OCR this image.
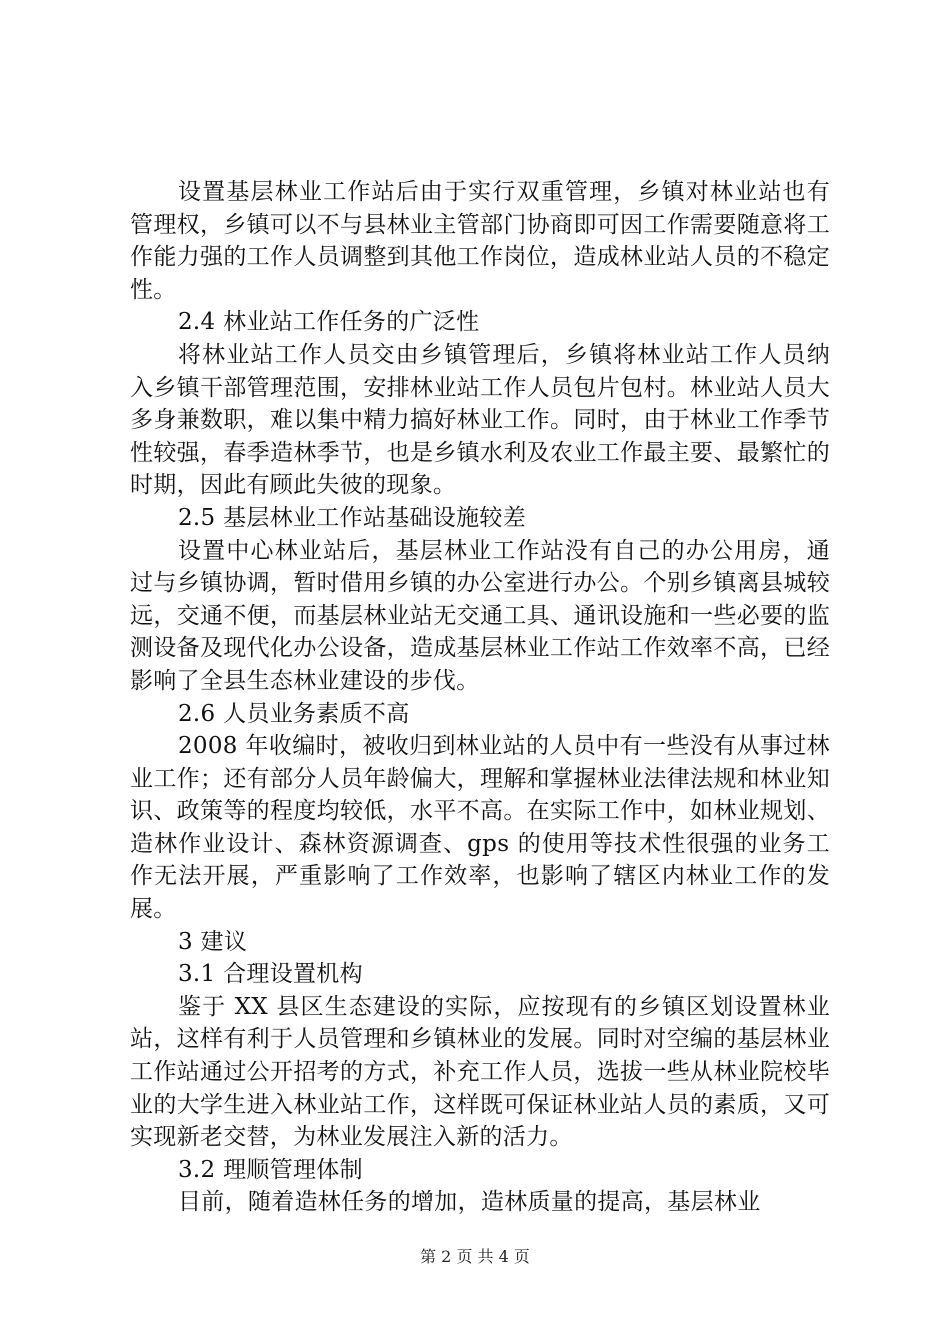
设置基层林业工作站后由于实行双重管理，乡镇对林业站也有管理权，乡镇可以不与县林业主管部门协商即可因工作需要随意将工作能力强的工作人员调整到其他工作岗位，造成林业站人员的不稳定性。

2.4 林业站工作任务的广泛性

将林业站工作人员交由乡镇管理后，乡镇将林业站工作人员纳入乡镇干部管理范围，安排林业站工作人员包片包村。林业站人员大多身兼数职，难以集中精力搞好林业工作。同时，由于林业工作季节性较强，春季造林季节，也是乡镇水利及农业工作最主要、最繁忙的时期，因此有顾此失彼的现象。

2.5 基层林业工作站基础设施较差

设置中心林业站后，基层林业工作站没有自己的办公用房，通过与乡镇协调，暂时借用乡镇的办公室进行办公。个别乡镇离县城较远，交通不便，而基层林业站无交通工具、通讯设施和一些必要的监测设备及现代化办公设备，造成基层林业工作站工作效率不高，已经影响了全县生态林业建设的步伐。

2.6 人员业务素质不高

2008 年收编时，被收归到林业站的人员中有一些没有从事过林业工作；还有部分人员年龄偏大，理解和掌握林业法律法规和林业知识、政策等的程度均较低，水平不高。在实际工作中，如林业规划、造林作业设计、森林资源调查、gps 的使用等技术性很强的业务工作无法开展，严重影响了工作效率，也影响了辖区内林业工作的发展。

3 建议

3.1 合理设置机构

鉴于 XX 县区生态建设的实际，应按现有的乡镇区划设置林业站，这样有利于人员管理和乡镇林业的发展。同时对空编的基层林业工作站通过公开招考的方式，补充工作人员，选拔一些从林业院校毕业的大学生进入林业站工作，这样既可保证林业站人员的素质，又可实现新老交替，为林业发展注入新的活力。

3.2 理顺管理体制

目前，随着造林任务的增加，造林质量的提高，基层林业

第 2 页 共 4 页
